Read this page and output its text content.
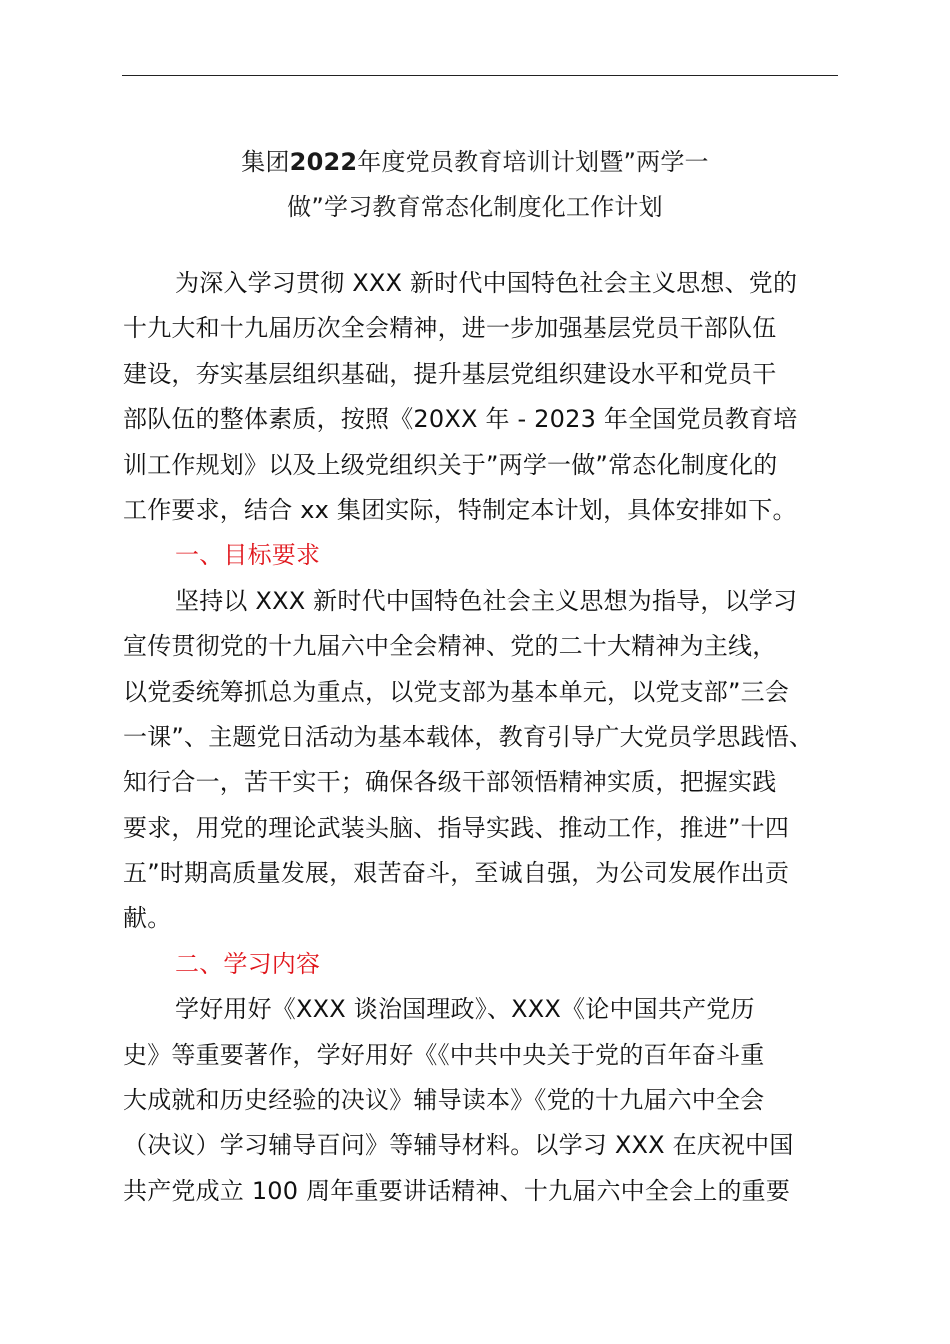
集团2022年度党员教育培训计划暨”两学一
做”学习教育常态化制度化工作计划
为深入学习贯彻 XXX 新时代中国特色社会主义思想、党的
十九大和十九届历次全会精神，进一步加强基层党员干部队伍
建设，夯实基层组织基础，提升基层党组织建设水平和党员干
部队伍的整体素质，按照《20XX 年 - 2023 年全国党员教育培
训工作规划》以及上级党组织关于”两学一做”常态化制度化的
工作要求，结合 xx 集团实际，特制定本计划，具体安排如下。
一、目标要求
坚持以 XXX 新时代中国特色社会主义思想为指导，以学习
宣传贯彻党的十九届六中全会精神、党的二十大精神为主线，
以党委统筹抓总为重点，以党支部为基本单元，以党支部”三会
一课”、主题党日活动为基本载体，教育引导广大党员学思践悟、
知行合一，苦干实干；确保各级干部领悟精神实质，把握实践
要求，用党的理论武装头脑、指导实践、推动工作，推进”十四
五”时期高质量发展，艰苦奋斗，至诚自强，为公司发展作出贡
献。
二、学习内容
学好用好《XXX 谈治国理政》、XXX《论中国共产党历
史》等重要著作，学好用好《《中共中央关于党的百年奋斗重
大成就和历史经验的决议》辅导读本》《党的十九届六中全会
（决议）学习辅导百问》等辅导材料。以学习 XXX 在庆祝中国
共产党成立 100 周年重要讲话精神、十九届六中全会上的重要
